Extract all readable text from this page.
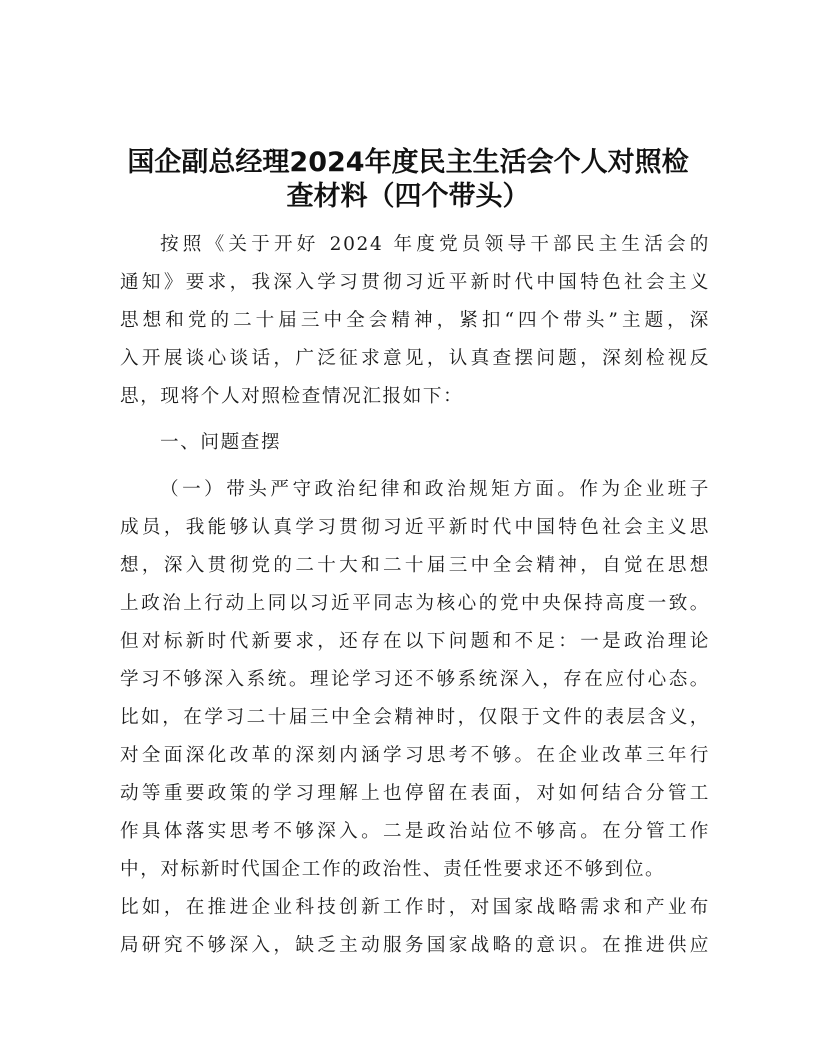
国企副总经理2024年度民主生活会个人对照检
查材料（四个带头）
按照《关于开好 2024 年度党员领导干部民主生活会的
通知》要求，我深入学习贯彻习近平新时代中国特色社会主义
思想和党的二十届三中全会精神，紧扣“四个带头”主题，深
入开展谈心谈话，广泛征求意见，认真查摆问题，深刻检视反
思，现将个人对照检查情况汇报如下：
一、问题查摆
（一）带头严守政治纪律和政治规矩方面。作为企业班子
成员，我能够认真学习贯彻习近平新时代中国特色社会主义思
想，深入贯彻党的二十大和二十届三中全会精神，自觉在思想
上政治上行动上同以习近平同志为核心的党中央保持高度一致。
但对标新时代新要求，还存在以下问题和不足：一是政治理论
学习不够深入系统。理论学习还不够系统深入，存在应付心态。
比如，在学习二十届三中全会精神时，仅限于文件的表层含义，
对全面深化改革的深刻内涵学习思考不够。在企业改革三年行
动等重要政策的学习理解上也停留在表面，对如何结合分管工
作具体落实思考不够深入。二是政治站位不够高。在分管工作
中，对标新时代国企工作的政治性、责任性要求还不够到位。
比如，在推进企业科技创新工作时，对国家战略需求和产业布
局研究不够深入，缺乏主动服务国家战略的意识。在推进供应
